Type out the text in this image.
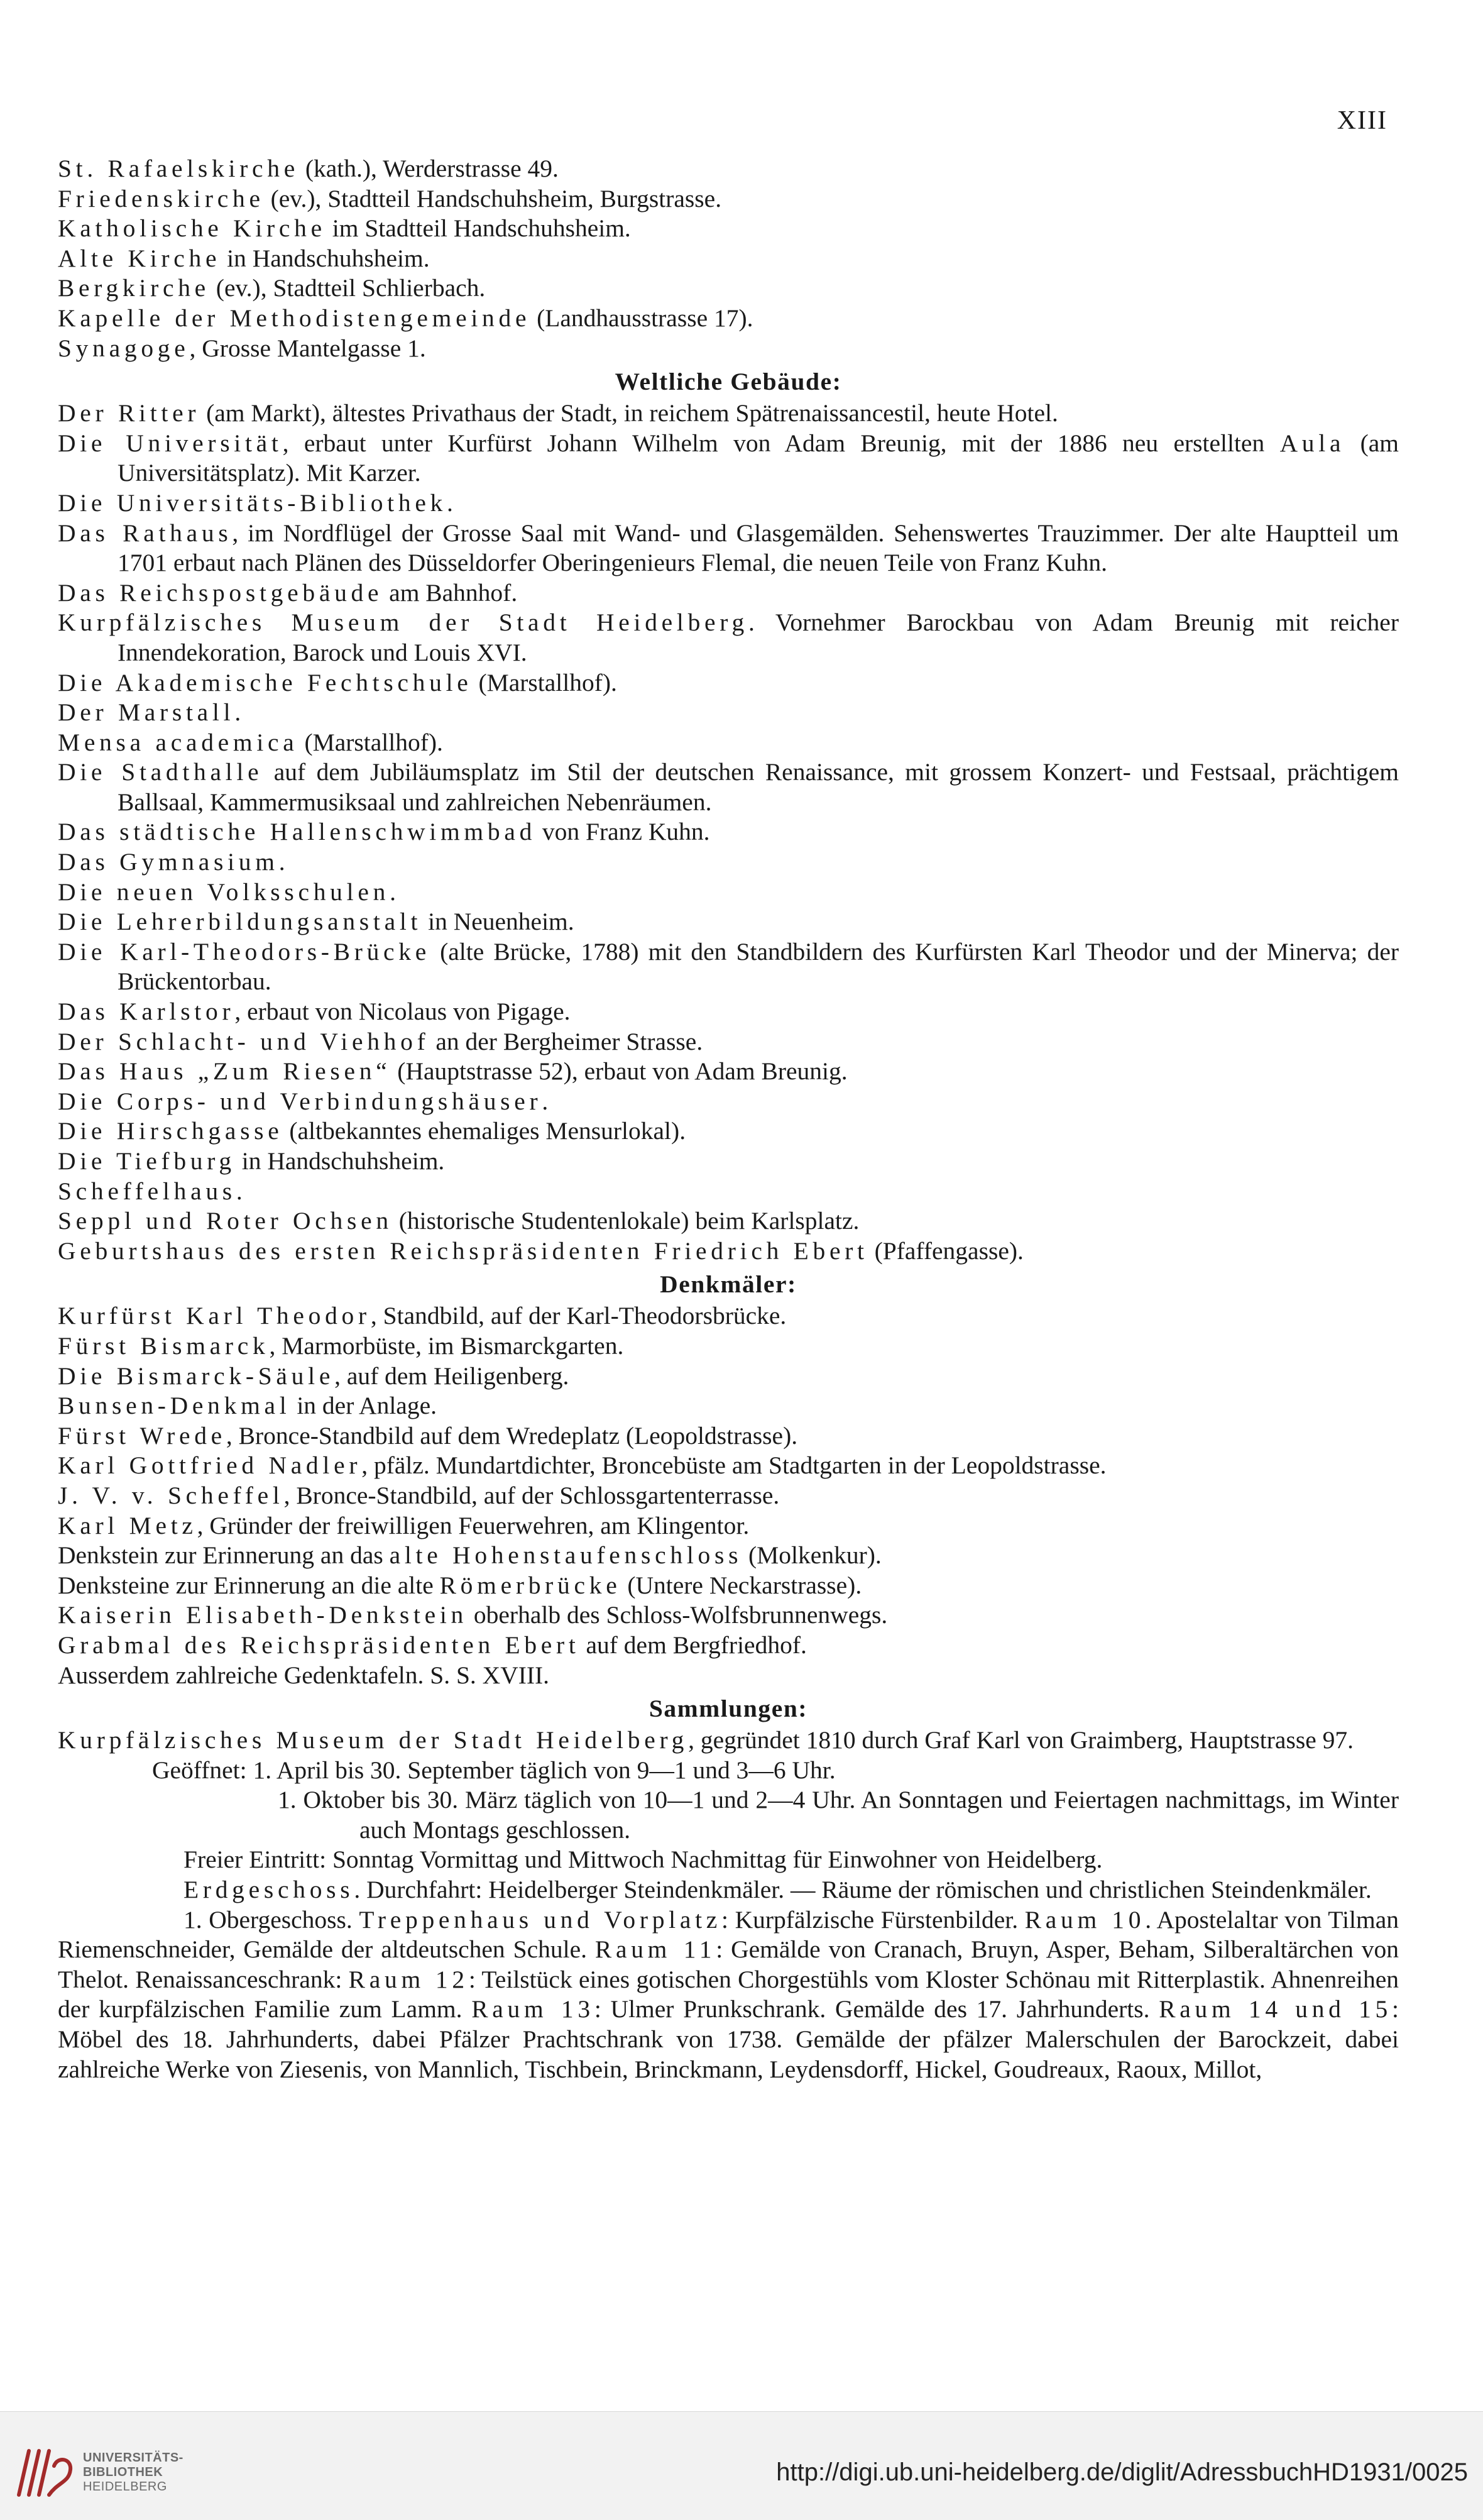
XIII
St. Rafaelskirche (kath.), Werderstrasse 49.
Friedenskirche (ev.), Stadtteil Handschuhsheim, Burgstrasse.
Katholische Kirche im Stadtteil Handschuhsheim.
Alte Kirche in Handschuhsheim.
Bergkirche (ev.), Stadtteil Schlierbach.
Kapelle der Methodistengemeinde (Landhausstrasse 17).
Synagoge, Grosse Mantelgasse 1.
Weltliche Gebäude:
Der Ritter (am Markt), ältestes Privathaus der Stadt, in reichem Spätrenaissancestil, heute Hotel.
Die Universität, erbaut unter Kurfürst Johann Wilhelm von Adam Breunig, mit der 1886 neu erstellten Aula (am Universitätsplatz). Mit Karzer.
Die Universitäts-Bibliothek.
Das Rathaus, im Nordflügel der Grosse Saal mit Wand- und Glasgemälden. Sehenswertes Trauzimmer. Der alte Hauptteil um 1701 erbaut nach Plänen des Düsseldorfer Oberingenieurs Flemal, die neuen Teile von Franz Kuhn.
Das Reichspostgebäude am Bahnhof.
Kurpfälzisches Museum der Stadt Heidelberg. Vornehmer Barockbau von Adam Breunig mit reicher Innendekoration, Barock und Louis XVI.
Die Akademische Fechtschule (Marstallhof).
Der Marstall.
Mensa academica (Marstallhof).
Die Stadthalle auf dem Jubiläumsplatz im Stil der deutschen Renaissance, mit grossem Konzert- und Festsaal, prächtigem Ballsaal, Kammermusiksaal und zahlreichen Nebenräumen.
Das städtische Hallenschwimmbad von Franz Kuhn.
Das Gymnasium.
Die neuen Volksschulen.
Die Lehrerbildungsanstalt in Neuenheim.
Die Karl-Theodors-Brücke (alte Brücke, 1788) mit den Standbildern des Kurfürsten Karl Theodor und der Minerva; der Brückentorbau.
Das Karlstor, erbaut von Nicolaus von Pigage.
Der Schlacht- und Viehhof an der Bergheimer Strasse.
Das Haus „Zum Riesen“ (Hauptstrasse 52), erbaut von Adam Breunig.
Die Corps- und Verbindungshäuser.
Die Hirschgasse (altbekanntes ehemaliges Mensurlokal).
Die Tiefburg in Handschuhsheim.
Scheffelhaus.
Seppl und Roter Ochsen (historische Studentenlokale) beim Karlsplatz.
Geburtshaus des ersten Reichspräsidenten Friedrich Ebert (Pfaffengasse).
Denkmäler:
Kurfürst Karl Theodor, Standbild, auf der Karl-Theodorsbrücke.
Fürst Bismarck, Marmorbüste, im Bismarckgarten.
Die Bismarck-Säule, auf dem Heiligenberg.
Bunsen-Denkmal in der Anlage.
Fürst Wrede, Bronce-Standbild auf dem Wredeplatz (Leopoldstrasse).
Karl Gottfried Nadler, pfälz. Mundartdichter, Broncebüste am Stadtgarten in der Leopoldstrasse.
J. V. v. Scheffel, Bronce-Standbild, auf der Schlossgartenterrasse.
Karl Metz, Gründer der freiwilligen Feuerwehren, am Klingentor.
Denkstein zur Erinnerung an das alte Hohenstaufenschloss (Molkenkur).
Denksteine zur Erinnerung an die alte Römerbrücke (Untere Neckarstrasse).
Kaiserin Elisabeth-Denkstein oberhalb des Schloss-Wolfsbrunnenwegs.
Grabmal des Reichspräsidenten Ebert auf dem Bergfriedhof.
Ausserdem zahlreiche Gedenktafeln. S. S. XVIII.
Sammlungen:
Kurpfälzisches Museum der Stadt Heidelberg, gegründet 1810 durch Graf Karl von Graimberg, Hauptstrasse 97.
Geöffnet: 1. April bis 30. September täglich von 9—1 und 3—6 Uhr.
1. Oktober bis 30. März täglich von 10—1 und 2—4 Uhr. An Sonntagen und Feiertagen nachmittags, im Winter auch Montags geschlossen.
Freier Eintritt: Sonntag Vormittag und Mittwoch Nachmittag für Einwohner von Heidelberg.
Erdgeschoss. Durchfahrt: Heidelberger Steindenkmäler. — Räume der römischen und christlichen Steindenkmäler.
1. Obergeschoss. Treppenhaus und Vorplatz: Kurpfälzische Fürstenbilder. Raum 10. Apostelaltar von Tilman Riemenschneider, Gemälde der altdeutschen Schule. Raum 11: Gemälde von Cranach, Bruyn, Asper, Beham, Silberaltärchen von Thelot. Renaissanceschrank: Raum 12: Teilstück eines gotischen Chorgestühls vom Kloster Schönau mit Ritterplastik. Ahnenreihen der kurpfälzischen Familie zum Lamm. Raum 13: Ulmer Prunkschrank. Gemälde des 17. Jahrhunderts. Raum 14 und 15: Möbel des 18. Jahrhunderts, dabei Pfälzer Prachtschrank von 1738. Gemälde der pfälzer Malerschulen der Barockzeit, dabei zahlreiche Werke von Ziesenis, von Mannlich, Tischbein, Brinckmann, Leydensdorff, Hickel, Goudreaux, Raoux, Millot,
UNIVERSITÄTS-
BIBLIOTHEK
HEIDELBERG
http://digi.ub.uni-heidelberg.de/diglit/AdressbuchHD1931/0025
